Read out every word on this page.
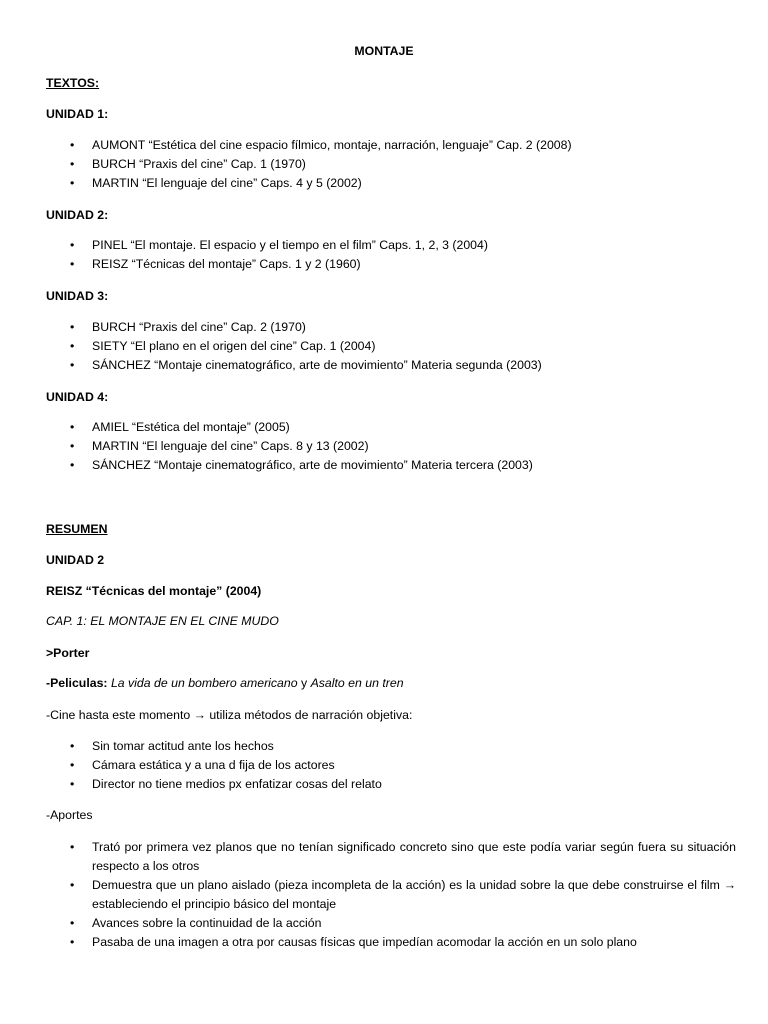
MONTAJE
TEXTOS:
UNIDAD 1:
• AUMONT “Estética del cine espacio fílmico, montaje, narración, lenguaje” Cap. 2 (2008)
• BURCH “Praxis del cine” Cap. 1 (1970)
• MARTIN “El lenguaje del cine” Caps. 4 y 5 (2002)
UNIDAD 2:
• PINEL “El montaje. El espacio y el tiempo en el film” Caps. 1, 2, 3 (2004)
• REISZ “Técnicas del montaje” Caps. 1 y 2 (1960)
UNIDAD 3:
• BURCH “Praxis del cine” Cap. 2 (1970)
• SIETY “El plano en el origen del cine” Cap. 1 (2004)
• SÁNCHEZ “Montaje cinematográfico, arte de movimiento” Materia segunda (2003)
UNIDAD 4:
• AMIEL “Estética del montaje” (2005)
• MARTIN “El lenguaje del cine” Caps. 8 y 13 (2002)
• SÁNCHEZ “Montaje cinematográfico, arte de movimiento” Materia tercera (2003)
RESUMEN
UNIDAD 2
REISZ “Técnicas del montaje” (2004)
CAP. 1: EL MONTAJE EN EL CINE MUDO
>Porter
-Peliculas: La vida de un bombero americano y Asalto en un tren
-Cine hasta este momento → utiliza métodos de narración objetiva:
• Sin tomar actitud ante los hechos
• Cámara estática y a una d fija de los actores
• Director no tiene medios px enfatizar cosas del relato
-Aportes
• Trató por primera vez planos que no tenían significado concreto sino que este podía variar según fuera su situación respecto a los otros
• Demuestra que un plano aislado (pieza incompleta de la acción) es la unidad sobre la que debe construirse el film → estableciendo el principio básico del montaje
• Avances sobre la continuidad de la acción
• Pasaba de una imagen a otra por causas físicas que impedían acomodar la acción en un solo plano
